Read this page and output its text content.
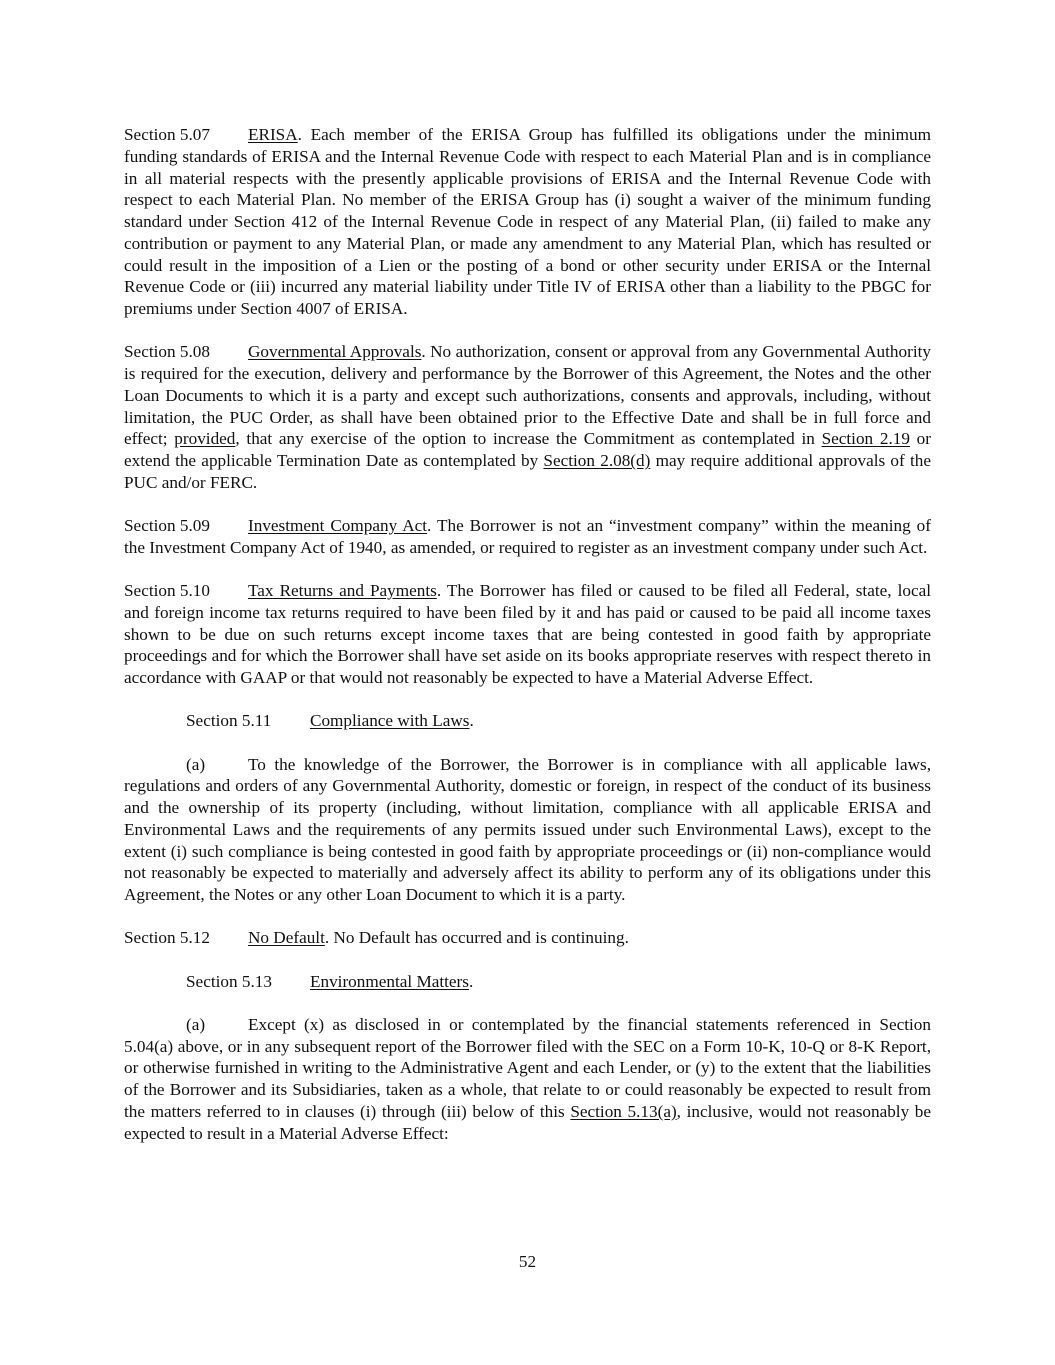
Section 5.07 ERISA. Each member of the ERISA Group has fulfilled its obligations under the minimum funding standards of ERISA and the Internal Revenue Code with respect to each Material Plan and is in compliance in all material respects with the presently applicable provisions of ERISA and the Internal Revenue Code with respect to each Material Plan. No member of the ERISA Group has (i) sought a waiver of the minimum funding standard under Section 412 of the Internal Revenue Code in respect of any Material Plan, (ii) failed to make any contribution or payment to any Material Plan, or made any amendment to any Material Plan, which has resulted or could result in the imposition of a Lien or the posting of a bond or other security under ERISA or the Internal Revenue Code or (iii) incurred any material liability under Title IV of ERISA other than a liability to the PBGC for premiums under Section 4007 of ERISA.

Section 5.08 Governmental Approvals. No authorization, consent or approval from any Governmental Authority is required for the execution, delivery and performance by the Borrower of this Agreement, the Notes and the other Loan Documents to which it is a party and except such authorizations, consents and approvals, including, without limitation, the PUC Order, as shall have been obtained prior to the Effective Date and shall be in full force and effect; provided, that any exercise of the option to increase the Commitment as contemplated in Section 2.19 or extend the applicable Termination Date as contemplated by Section 2.08(d) may require additional approvals of the PUC and/or FERC.

Section 5.09 Investment Company Act. The Borrower is not an “investment company” within the meaning of the Investment Company Act of 1940, as amended, or required to register as an investment company under such Act.

Section 5.10 Tax Returns and Payments. The Borrower has filed or caused to be filed all Federal, state, local and foreign income tax returns required to have been filed by it and has paid or caused to be paid all income taxes shown to be due on such returns except income taxes that are being contested in good faith by appropriate proceedings and for which the Borrower shall have set aside on its books appropriate reserves with respect thereto in accordance with GAAP or that would not reasonably be expected to have a Material Adverse Effect.

Section 5.11 Compliance with Laws.

(a) To the knowledge of the Borrower, the Borrower is in compliance with all applicable laws, regulations and orders of any Governmental Authority, domestic or foreign, in respect of the conduct of its business and the ownership of its property (including, without limitation, compliance with all applicable ERISA and Environmental Laws and the requirements of any permits issued under such Environmental Laws), except to the extent (i) such compliance is being contested in good faith by appropriate proceedings or (ii) non-compliance would not reasonably be expected to materially and adversely affect its ability to perform any of its obligations under this Agreement, the Notes or any other Loan Document to which it is a party.

Section 5.12 No Default. No Default has occurred and is continuing.

Section 5.13 Environmental Matters.

(a) Except (x) as disclosed in or contemplated by the financial statements referenced in Section 5.04(a) above, or in any subsequent report of the Borrower filed with the SEC on a Form 10-K, 10-Q or 8-K Report, or otherwise furnished in writing to the Administrative Agent and each Lender, or (y) to the extent that the liabilities of the Borrower and its Subsidiaries, taken as a whole, that relate to or could reasonably be expected to result from the matters referred to in clauses (i) through (iii) below of this Section 5.13(a), inclusive, would not reasonably be expected to result in a Material Adverse Effect:

52
